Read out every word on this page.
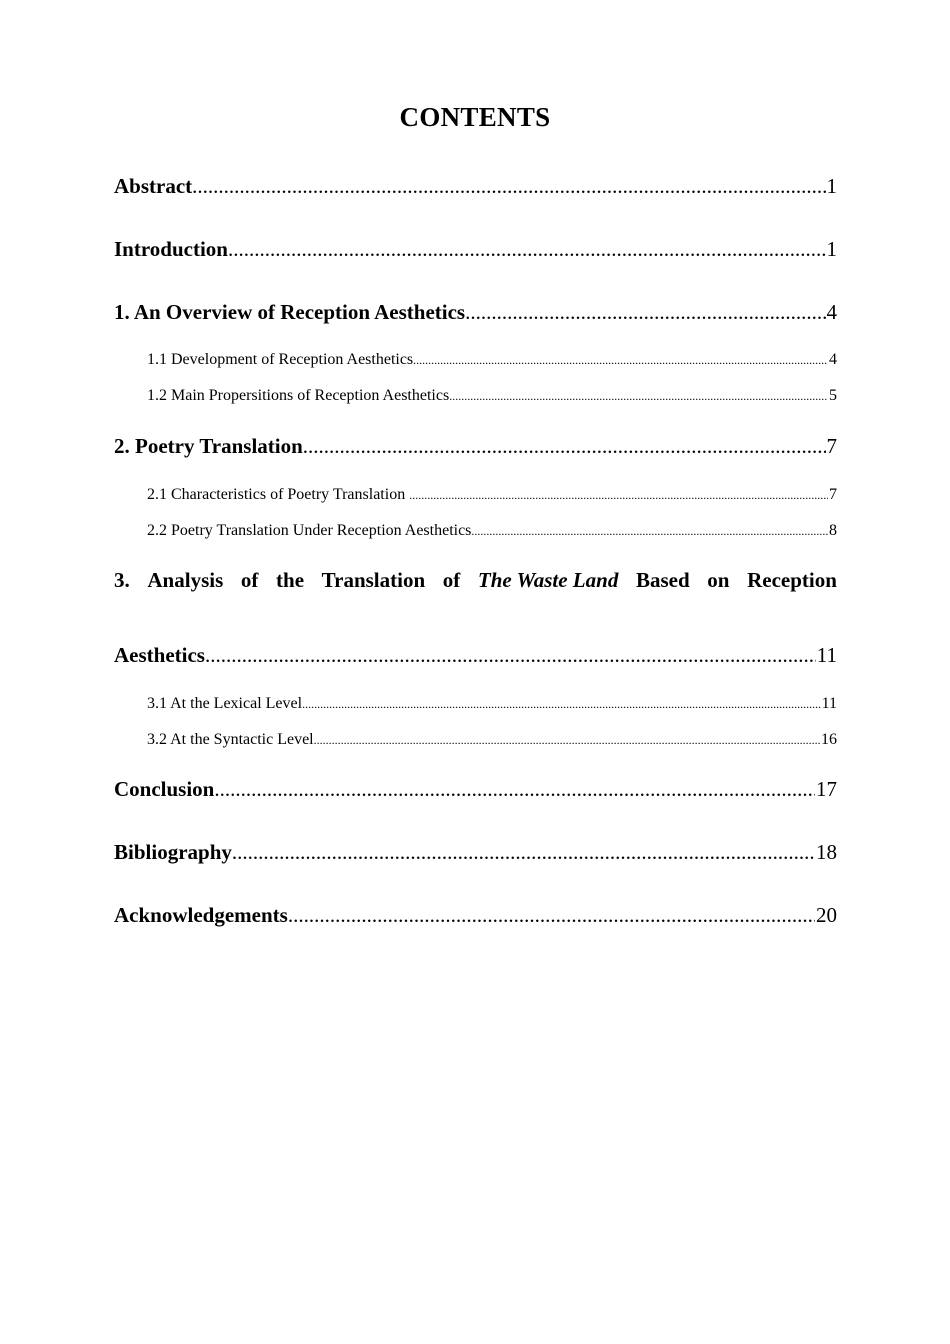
CONTENTS
Abstract .....	1
Introduction .....	1
1. An Overview of Reception Aesthetics .....	4
1.1 Development of Reception Aesthetics .....	4
1.2 Main Propersitions of Reception Aesthetics .....	5
2. Poetry Translation .....	7
2.1 Characteristics of Poetry Translation .....	7
2.2 Poetry Translation Under Reception Aesthetics .....	8
3. Analysis of the Translation of The Waste Land Based on Reception
Aesthetics .....	11
3.1 At the Lexical Level .....	11
3.2 At the Syntactic Level .....	16
Conclusion .....	17
Bibliography .....	18
Acknowledgements .....	20
